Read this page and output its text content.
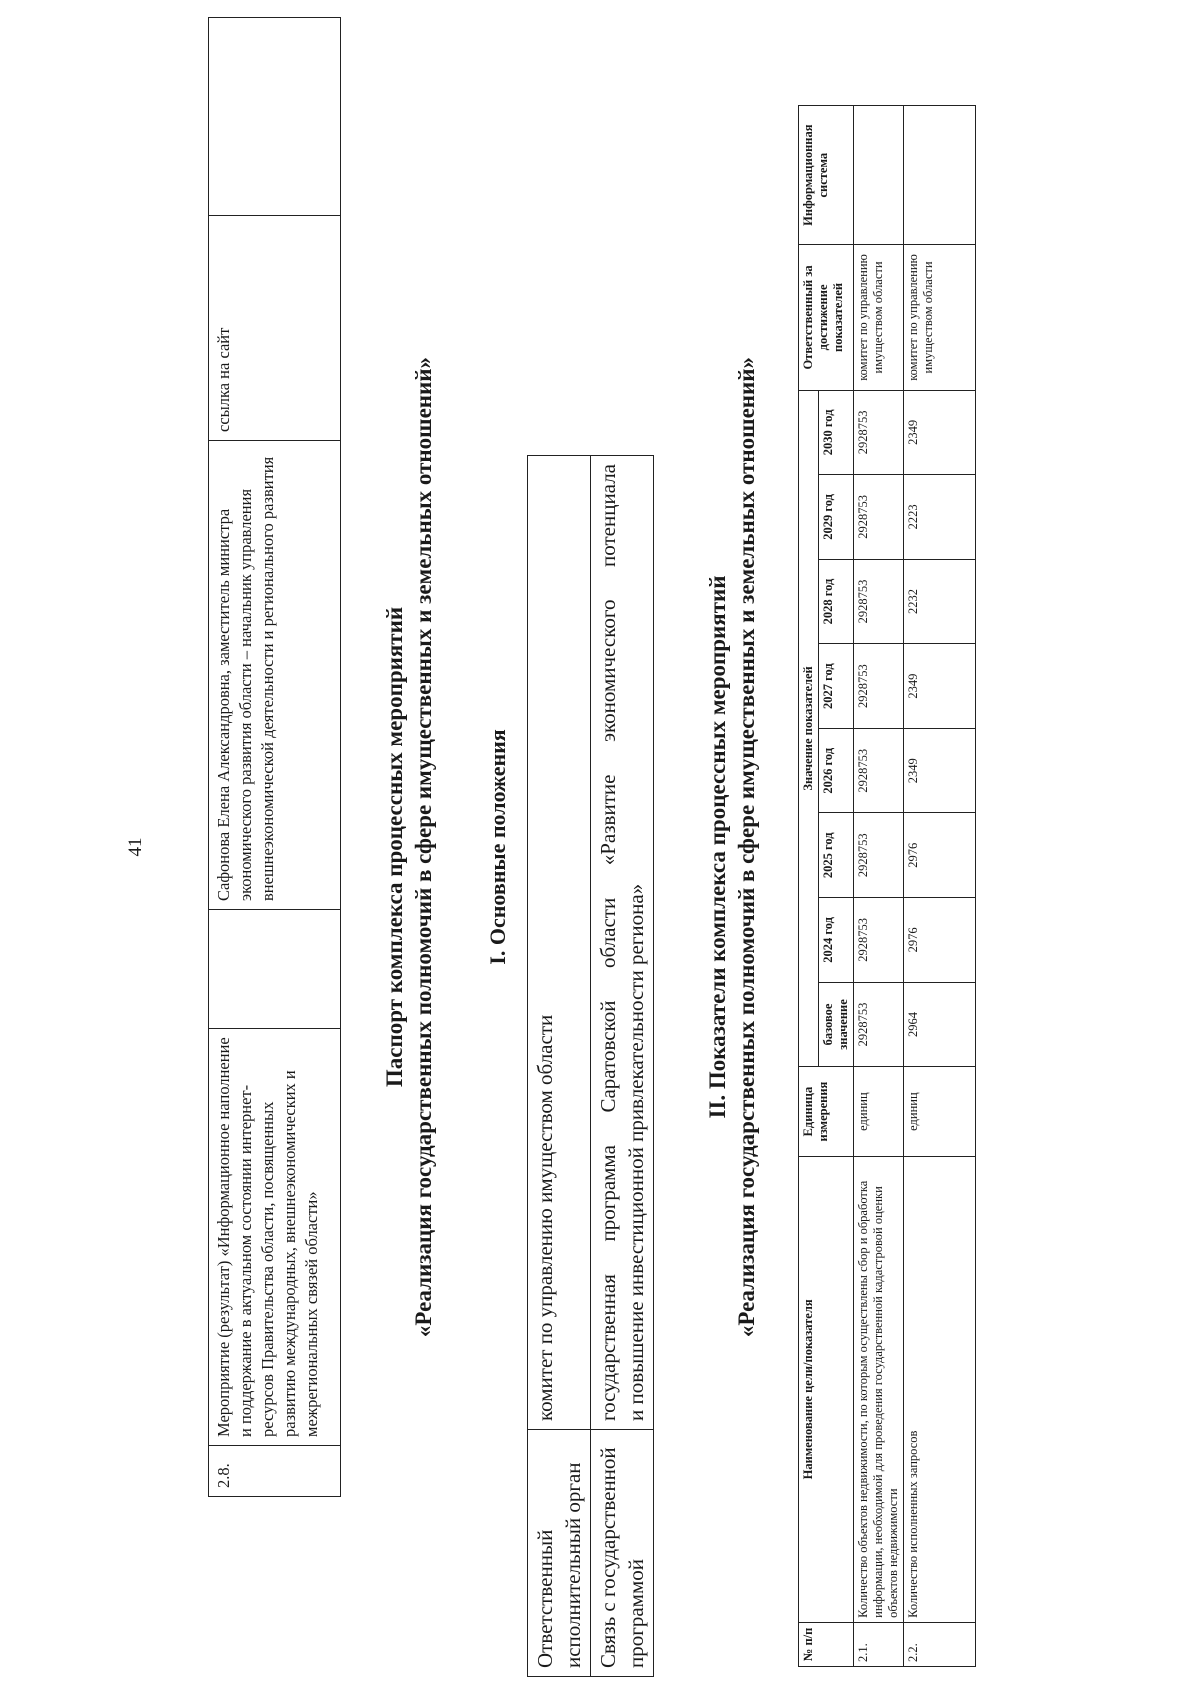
41
2.8.	Мероприятие (результат) «Информационное наполнение и поддержание в актуальном состоянии интернет-ресурсов Правительства области, посвященных развитию международных, внешнеэкономических и межрегиональных связей области»		Сафонова Елена Александровна, заместитель министра экономического развития области – начальник управления внешнеэкономической деятельности и регионального развития	ссылка на сайт	
Паспорт комплекса процессных мероприятий «Реализация государственных полномочий в сфере имущественных и земельных отношений» I. Основные положения
Ответственный исполнительный орган	комитет по управлению имуществом области
Связь с государственной программой	государственная программа Саратовской области «Развитие экономического потенциала и повышение инвестиционной привлекательности региона»
II. Показатели комплекса процессных мероприятий «Реализация государственных полномочий в сфере имущественных и земельных отношений»
№ п/п	Наименование цели/показателя	Единица измерения	Значение показателей								Ответственный за достижение показателей	Информационная система
			базовое значение	2024 год	2025 год	2026 год	2027 год	2028 год	2029 год	2030 год		
2.1.	Количество объектов недвижимости, по которым осуществлены сбор и обработка информации, необходимой для проведения государственной кадастровой оценки объектов недвижимости	единиц	2928753	2928753	2928753	2928753	2928753	2928753	2928753	2928753	комитет по управлению имуществом области	
2.2.	Количество исполненных запросов	единиц	2964	2976	2976	2349	2349	2232	2223	2349	комитет по управлению имуществом области	
